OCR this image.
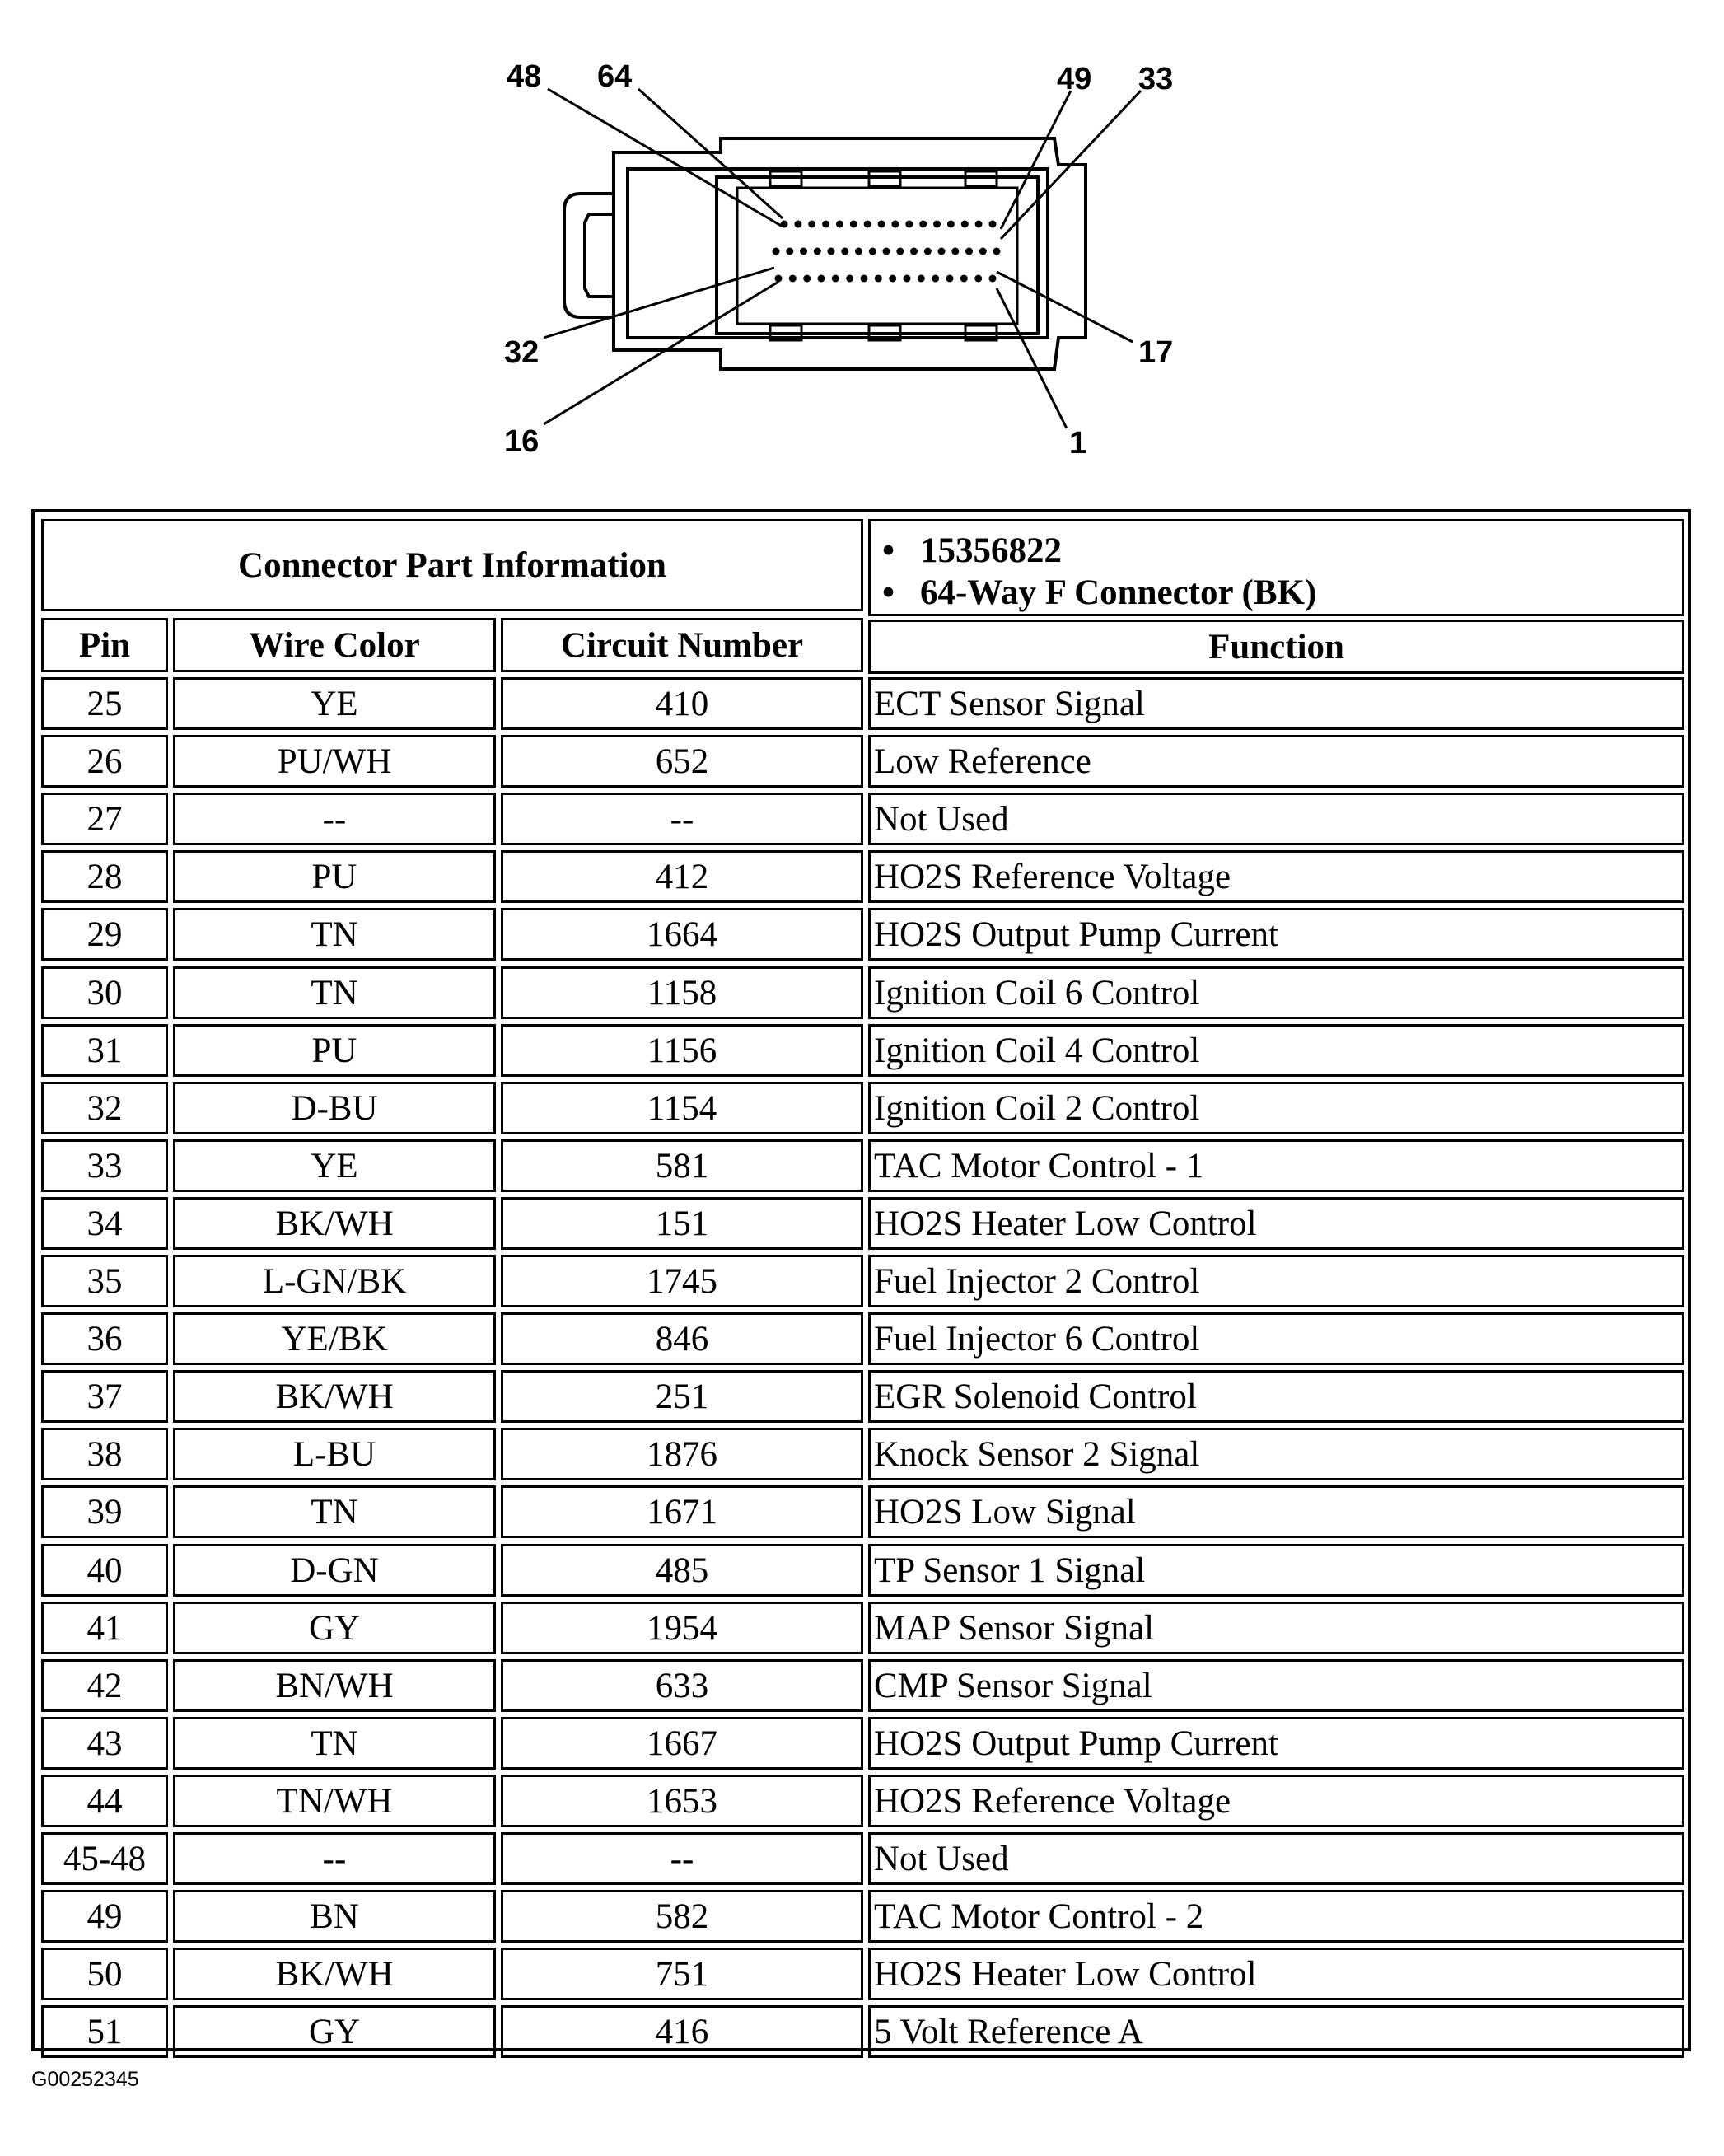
48 64	49 33
32	17
16	1
Connector Part Information	• 15356822
• 64-Way F Connector (BK)
Pin	Wire Color	Circuit Number	Function
25	YE	410	ECT Sensor Signal
26	PU/WH	652	Low Reference
27	--	--	Not Used
28	PU	412	HO2S Reference Voltage
29	TN	1664	HO2S Output Pump Current
30	TN	1158	Ignition Coil 6 Control
31	PU	1156	Ignition Coil 4 Control
32	D-BU	1154	Ignition Coil 2 Control
33	YE	581	TAC Motor Control - 1
34	BK/WH	151	HO2S Heater Low Control
35	L-GN/BK	1745	Fuel Injector 2 Control
36	YE/BK	846	Fuel Injector 6 Control
37	BK/WH	251	EGR Solenoid Control
38	L-BU	1876	Knock Sensor 2 Signal
39	TN	1671	HO2S Low Signal
40	D-GN	485	TP Sensor 1 Signal
41	GY	1954	MAP Sensor Signal
42	BN/WH	633	CMP Sensor Signal
43	TN	1667	HO2S Output Pump Current
44	TN/WH	1653	HO2S Reference Voltage
45-48	--	--	Not Used
49	BN	582	TAC Motor Control - 2
50	BK/WH	751	HO2S Heater Low Control
51	GY	416	5 Volt Reference A
G00252345
